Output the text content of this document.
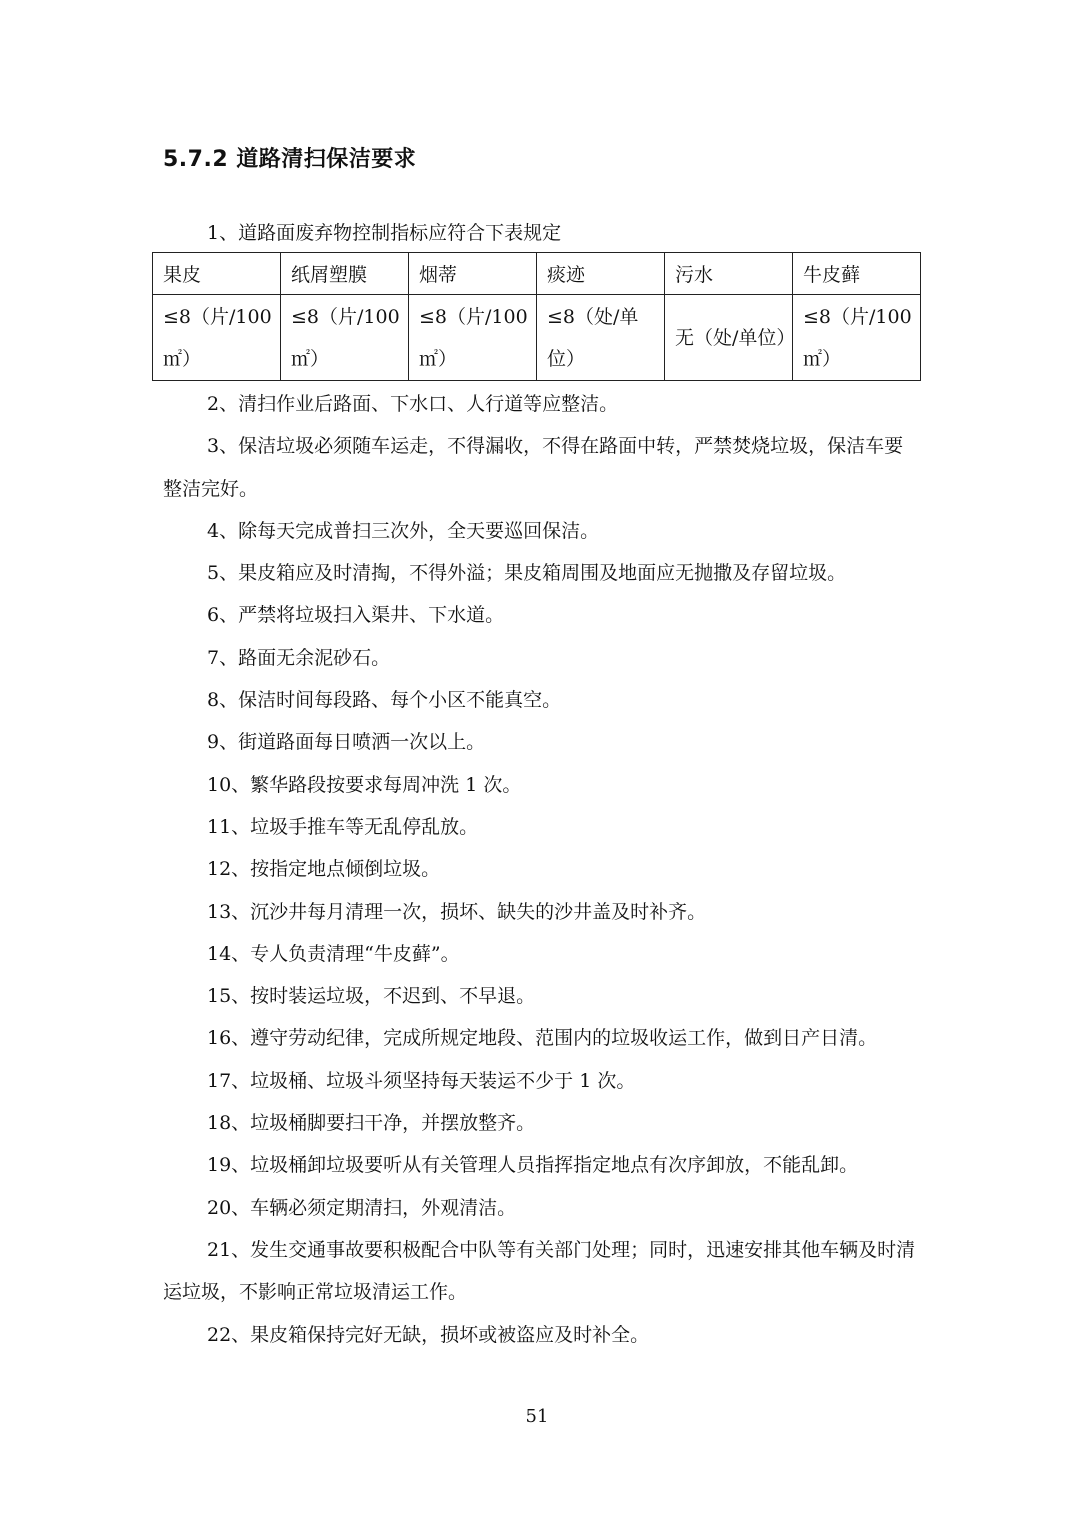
5.7.2 道路清扫保洁要求

1、道路面废弃物控制指标应符合下表规定

果皮	纸屑塑膜	烟蒂	痰迹	污水	牛皮藓
≤8（片/100㎡）	≤8（片/100㎡）	≤8（片/100㎡）	≤8（处/单位）	无（处/单位）	≤8（片/100㎡）
2、清扫作业后路面、下水口、人行道等应整洁。
3、保洁垃圾必须随车运走，不得漏收，不得在路面中转，严禁焚烧垃圾，保洁车要整洁完好。
4、除每天完成普扫三次外，全天要巡回保洁。
5、果皮箱应及时清掏，不得外溢；果皮箱周围及地面应无抛撒及存留垃圾。
6、严禁将垃圾扫入渠井、下水道。
7、路面无余泥砂石。
8、保洁时间每段路、每个小区不能真空。
9、街道路面每日喷洒一次以上。
10、繁华路段按要求每周冲洗 1 次。
11、垃圾手推车等无乱停乱放。
12、按指定地点倾倒垃圾。
13、沉沙井每月清理一次，损坏、缺失的沙井盖及时补齐。
14、专人负责清理“牛皮藓”。
15、按时装运垃圾，不迟到、不早退。
16、遵守劳动纪律，完成所规定地段、范围内的垃圾收运工作，做到日产日清。
17、垃圾桶、垃圾斗须坚持每天装运不少于 1 次。
18、垃圾桶脚要扫干净，并摆放整齐。
19、垃圾桶卸垃圾要听从有关管理人员指挥指定地点有次序卸放，不能乱卸。
20、车辆必须定期清扫，外观清洁。
21、发生交通事故要积极配合中队等有关部门处理；同时，迅速安排其他车辆及时清运垃圾，不影响正常垃圾清运工作。
22、果皮箱保持完好无缺，损坏或被盗应及时补全。
51
